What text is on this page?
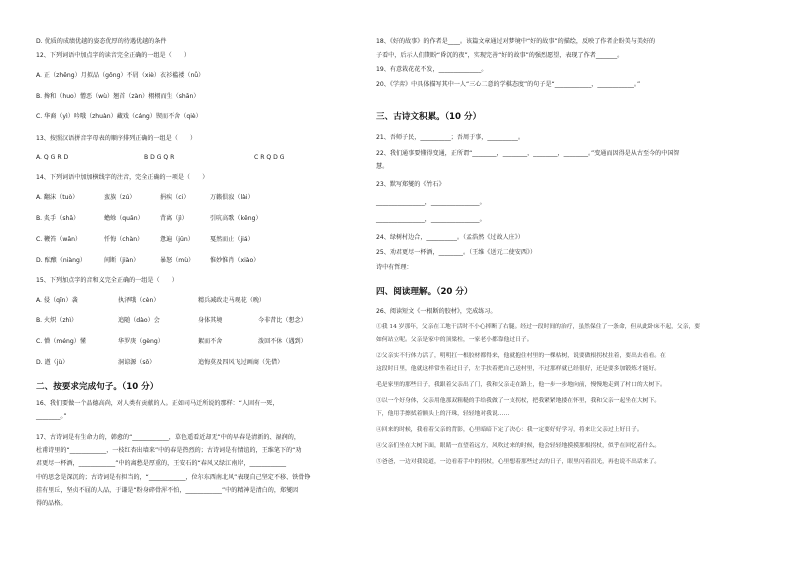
D. 优质的成绩优越的姿态优厚的待遇优越的条件
12、下列词语中加点字的读音完全正确的一组是（　　）
A. 正（zhēng）月拟品（gōng）不屑（xiè）衣衫褴褛（nǚ）
B. 搀和（huo）憎恶（wù）翘首（zàn）栩栩而生（shān）
C. 华裔（yì）吟哦（zhuàn）藏戏（cáng）锲而不舍（qiè）
13、按照汉语拼音字母表的顺序排列正确的一组是（　　）
A. Q G R D	B D G Q R	C R Q D G
14、下列词语中加加横线字的注音，完全正确的一项是（　　）
A. 翻沫（tuò）	蛮族（zú）	捐疾（ci）	万籁俱寂（lài）
B. 炙手（shā）	蟾蜍（quān）	背离（jì）	引吭高歌（kēng）
C. 鞭笞（wān）	忏悔（chàn）	惫遍（jūn）	戛然而止（jiá）
D. 酝酿（niàng）	间断（jiàn）	暴怒（mù）	惟妙惟肖（xiào）
15、下列加点字的音和义完全正确的一组是（　　）
A. 侵（qīn）袭	执泽哦（cèn）	精兵减政走马观花（晚）
B. 火炽（zhì）	追随（dào）会	身体其境	今非昔比（想念）
C. 懵（méng）懂	华罗庚（gèng）	絮而不舍	泼回不休（遇到）
D. 遒（jù）	洞谅源（sō）	追悔莫及四风飞过画商（先借）
二、按要求完成句子。（10 分）
16、我们要做一个品德高尚，对人类有贡献的人。正如司马迁所说的那样：“人固有一死，
________。”
17、古诗词是有生命力的，韩愈的“____________，草色遥看近却无”中的早春是清新的、湿润的，
杜甫诗里的“____________，一枝红杏出墙来”中的春是热烈的；古诗词是有情谊的，王维笔下的“劝
君更尽一杯酒，____________”中的离愁是厚重的，王安石的“春风又绿江南岸，____________
中的思念是深沉的；古诗词是有担当的，“____________，位尔东西南北风”表现自己坚定不移、铁骨铮
挂有里丘，坚贞不屈的人品，于谦是“粉身碎骨浑不怕，____________”中的精神是清白的，郑燮因
得的品格。
18、《好的故事》的作者是____。该篇文章通过对梦境中“好的故事”的描绘，反映了作者企盼美与美好的
子看中，后示人们期盼“昏沉的夜”，实现完善“好的故事”的强烈愿望，表现了作者_______。
19、有意栽花花不发，______________。
20、《学弈》中具体描写其中一人“三心二意的学棋态度”的句子是“____________，____________。”
三、古诗文积累。（10 分）
21、吾师子民，__________；吾周于事，__________。
22、我们通事要懂得变通，正所谓“________，________，________，________。”变通而因得是从古至今的中国智
慧。
23、默写郑燮的《竹石》
________________，________________。
________________，________________。
24、绿树村边合，__________。（孟浩然《过故人庄》）
25、劝君更尽一杯酒，________。（王维《送元二使安西》）
诗中有哲理：
四、阅读理解。（20 分）
26、阅读短文《一根断的胶材》，完成练习。
①我 14 岁那年，父亲在工地干活时不小心摔断了右腿。经过一段时间的治疗，虽然保住了一条命，但从此卧床不起，父亲，要
如何站立呢。父亲是家中的顶梁柱，一家老小都靠他过日子。
②父亲实不行体力活了，明明扛一根胶材都得来，他就抱住村里的一棵枯树，说要做根拐杖拄着，要出去看看。在
这段时日里，他就这样常坐着过日子，左手扶着把自己送村里，不过那样就已经很好，还是要多加锻炼才能好。
毛是家里的那些日子，我跟着父亲出了门，我和父亲走在路上，他一步一步地向前，慢慢地走到了村口的大树下。
③以一个好身体，父亲用他那双粗糙的手给我做了一支拐杖，把我紧紧地搂在怀里，我和父亲一起坐在大树下。
下，他用手擦拭着额头上的汗珠，轻轻地对我说……
④回来的时候，我看着父亲的背影，心里暗暗下定了决心：我一定要好好学习，将来让父亲过上好日子。
④父亲们坐在大树下面，眼睛一直望着远方，风吹过来的时候，他会轻轻地摸摸那根拐杖，似乎在回忆着什么。
⑤爸爸，一边对我说道，一边看着手中的拐杖，心里想着那些过去的日子，眼里闪着泪光，再也说不出话来了。
